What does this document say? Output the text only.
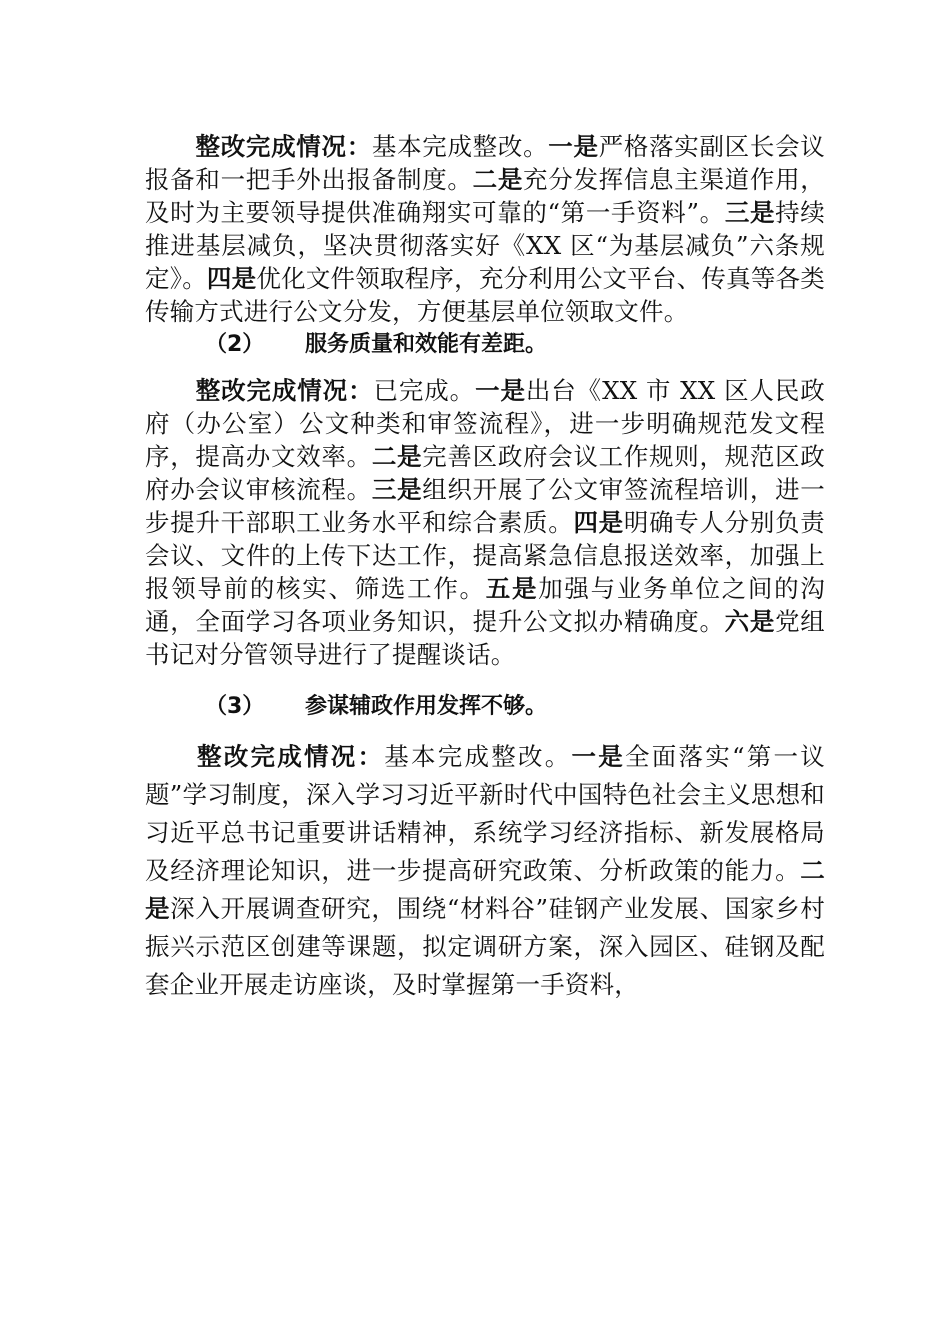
整改完成情况：基本完成整改。一是严格落实副区长会议报备和一把手外出报备制度。二是充分发挥信息主渠道作用，及时为主要领导提供准确翔实可靠的“第一手资料”。三是持续推进基层减负，坚决贯彻落实好《XX 区“为基层减负”六条规定》。四是优化文件领取程序，充分利用公文平台、传真等各类传输方式进行公文分发，方便基层单位领取文件。
（2） 服务质量和效能有差距。
整改完成情况：已完成。一是出台《XX 市 XX 区人民政府（办公室）公文种类和审签流程》，进一步明确规范发文程序，提高办文效率。二是完善区政府会议工作规则，规范区政府办会议审核流程。三是组织开展了公文审签流程培训，进一步提升干部职工业务水平和综合素质。四是明确专人分别负责会议、文件的上传下达工作，提高紧急信息报送效率，加强上报领导前的核实、筛选工作。五是加强与业务单位之间的沟通，全面学习各项业务知识，提升公文拟办精确度。六是党组书记对分管领导进行了提醒谈话。
（3） 参谋辅政作用发挥不够。
整改完成情况：基本完成整改。一是全面落实“第一议题”学习制度，深入学习习近平新时代中国特色社会主义思想和习近平总书记重要讲话精神，系统学习经济指标、新发展格局及经济理论知识，进一步提高研究政策、分析政策的能力。二是深入开展调查研究，围绕“材料谷”硅钢产业发展、国家乡村振兴示范区创建等课题，拟定调研方案，深入园区、硅钢及配套企业开展走访座谈，及时掌握第一手资料，
